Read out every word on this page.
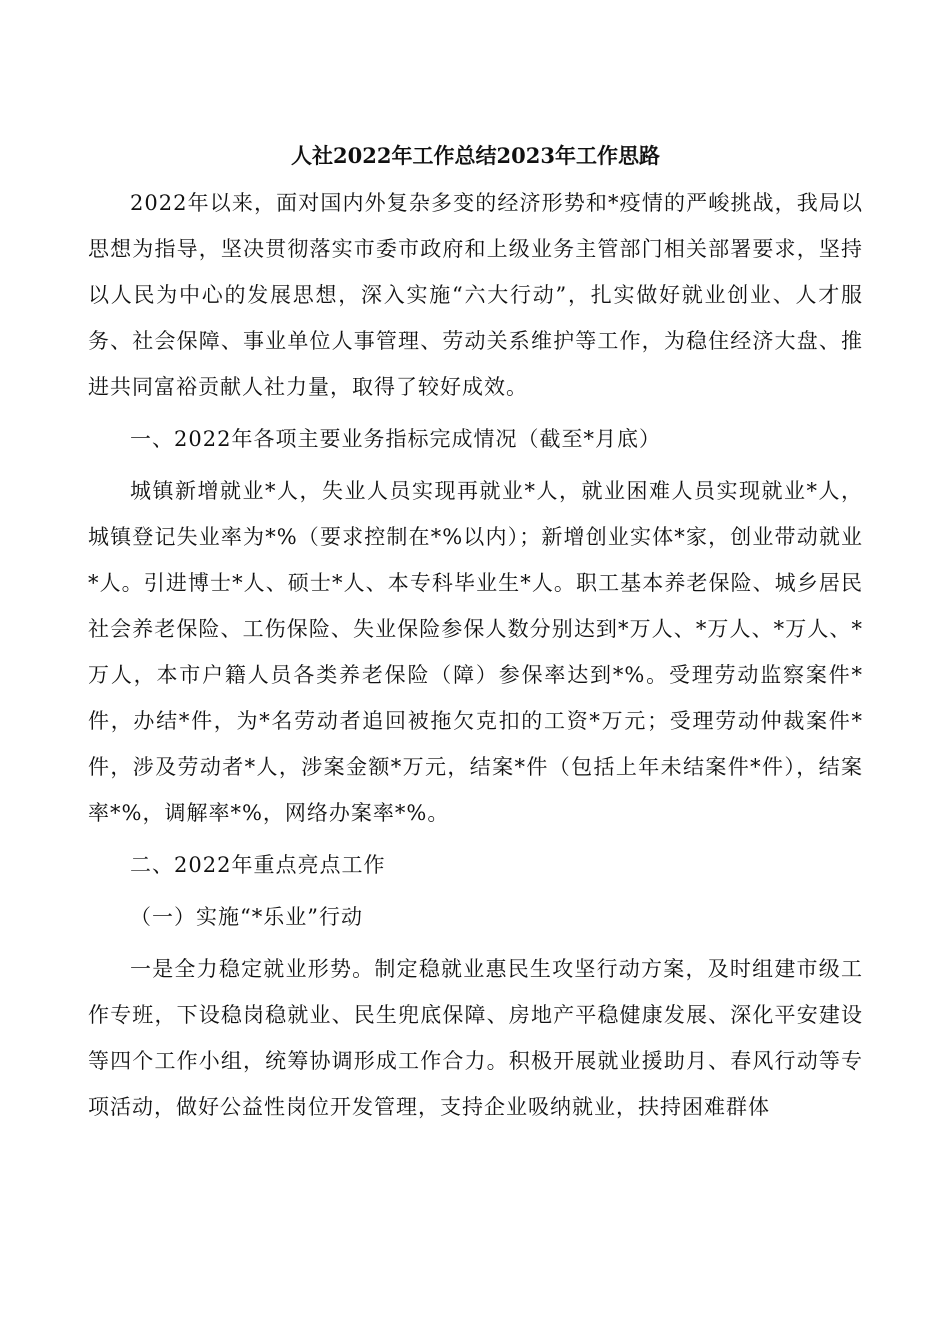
人社2022年工作总结2023年工作思路

2022年以来，面对国内外复杂多变的经济形势和*疫情的严峻挑战，我局以思想为指导，坚决贯彻落实市委市政府和上级业务主管部门相关部署要求，坚持以人民为中心的发展思想，深入实施“六大行动”，扎实做好就业创业、人才服务、社会保障、事业单位人事管理、劳动关系维护等工作，为稳住经济大盘、推进共同富裕贡献人社力量，取得了较好成效。

一、2022年各项主要业务指标完成情况（截至*月底）

城镇新增就业*人，失业人员实现再就业*人，就业困难人员实现就业*人，城镇登记失业率为*%（要求控制在*%以内）；新增创业实体*家，创业带动就业*人。引进博士*人、硕士*人、本专科毕业生*人。职工基本养老保险、城乡居民社会养老保险、工伤保险、失业保险参保人数分别达到*万人、*万人、*万人、*万人，本市户籍人员各类养老保险（障）参保率达到*%。受理劳动监察案件*件，办结*件，为*名劳动者追回被拖欠克扣的工资*万元；受理劳动仲裁案件*件，涉及劳动者*人，涉案金额*万元，结案*件（包括上年未结案件*件），结案率*%，调解率*%，网络办案率*%。

二、2022年重点亮点工作

（一）实施“*乐业”行动

一是全力稳定就业形势。制定稳就业惠民生攻坚行动方案，及时组建市级工作专班，下设稳岗稳就业、民生兜底保障、房地产平稳健康发展、深化平安建设等四个工作小组，统筹协调形成工作合力。积极开展就业援助月、春风行动等专项活动，做好公益性岗位开发管理，支持企业吸纳就业，扶持困难群体
